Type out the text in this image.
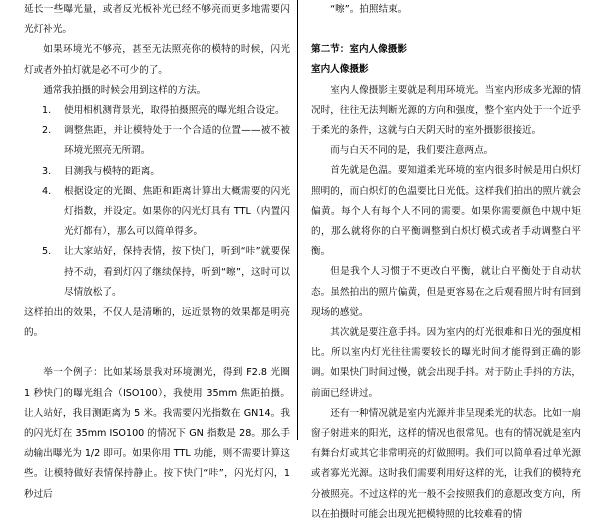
延长一些曝光量，或者反光板补光已经不够亮而更多地需要闪光灯补光。

如果环境光不够亮，甚至无法照亮你的模特的时候，闪光灯或者外拍灯就是必不可少的了。

通常我拍摄的时候会用到这样的方法。

1. 使用相机测背景光，取得拍摄照亮的曝光组合设定。
2. 调整焦距，并让模特处于一个合适的位置——被不被环境光照亮无所谓。
3. 目测我与模特的距离。
4. 根据设定的光圈、焦距和距离计算出大概需要的闪光灯指数，并设定。如果你的闪光灯具有 TTL（内置闪光灯都有），那么可以简单得多。
5. 让大家站好，保持表情，按下快门，听到“咔”就要保持不动，看到灯闪了继续保持，听到“嚓”，这时可以尽情放松了。

这样拍出的效果，不仅人是清晰的，远近景物的效果都是明亮的。

举一个例子：比如某场景我对环境测光，得到 F2.8 光圈 1 秒快门的曝光组合（ISO100），我使用 35mm 焦距拍摄。让人站好，我目测距离为 5 米。我需要闪光指数在 GN14。我的闪光灯在 35mm ISO100 的情况下 GN 指数是 28。那么手动输出曝光为 1/2 即可。如果你用 TTL 功能，则不需要计算这些。让模特做好表情保持静止。按下快门“咔”，闪光灯闪，1 秒过后

“嚓”。拍照结束。

第二节：室内人像摄影

室内人像摄影

室内人像摄影主要就是利用环境光。当室内形成多光源的情况时，往往无法判断光源的方向和强度，整个室内处于一个近乎于柔光的条件，这就与白天阴天时的室外摄影很接近。

而与白天不同的是，我们要注意两点。

首先就是色温。要知道柔光环境的室内很多时候是用白炽灯照明的，而白炽灯的色温要比日光低。这样我们拍出的照片就会偏黄。每个人有每个人不同的需要。如果你需要颜色中规中矩的，那么就将你的白平衡调整到白炽灯模式或者手动调整白平衡。

但是我个人习惯于不更改白平衡，就让白平衡处于自动状态。虽然拍出的照片偏黄，但是更容易在之后观看照片时有回到现场的感觉。

其次就是要注意手抖。因为室内的灯光很难和日光的强度相比。所以室内灯光往往需要较长的曝光时间才能得到正确的影调。如果快门时间过慢，就会出现手抖。对于防止手抖的方法，前面已经讲过。

还有一种情况就是室内光源并非呈现柔光的状态。比如一扇窗子射进来的阳光，这样的情况也很常见。也有的情况就是室内有舞台灯或其它非常明亮的灯做照明。我们可以简单看过单光源或者寡光光源。这时我们需要利用好这样的光，让我们的模特充分被照亮。不过这样的光一般不会按照我们的意愿改变方向，所以在拍摄时可能会出现光把模特照的比较难看的情
